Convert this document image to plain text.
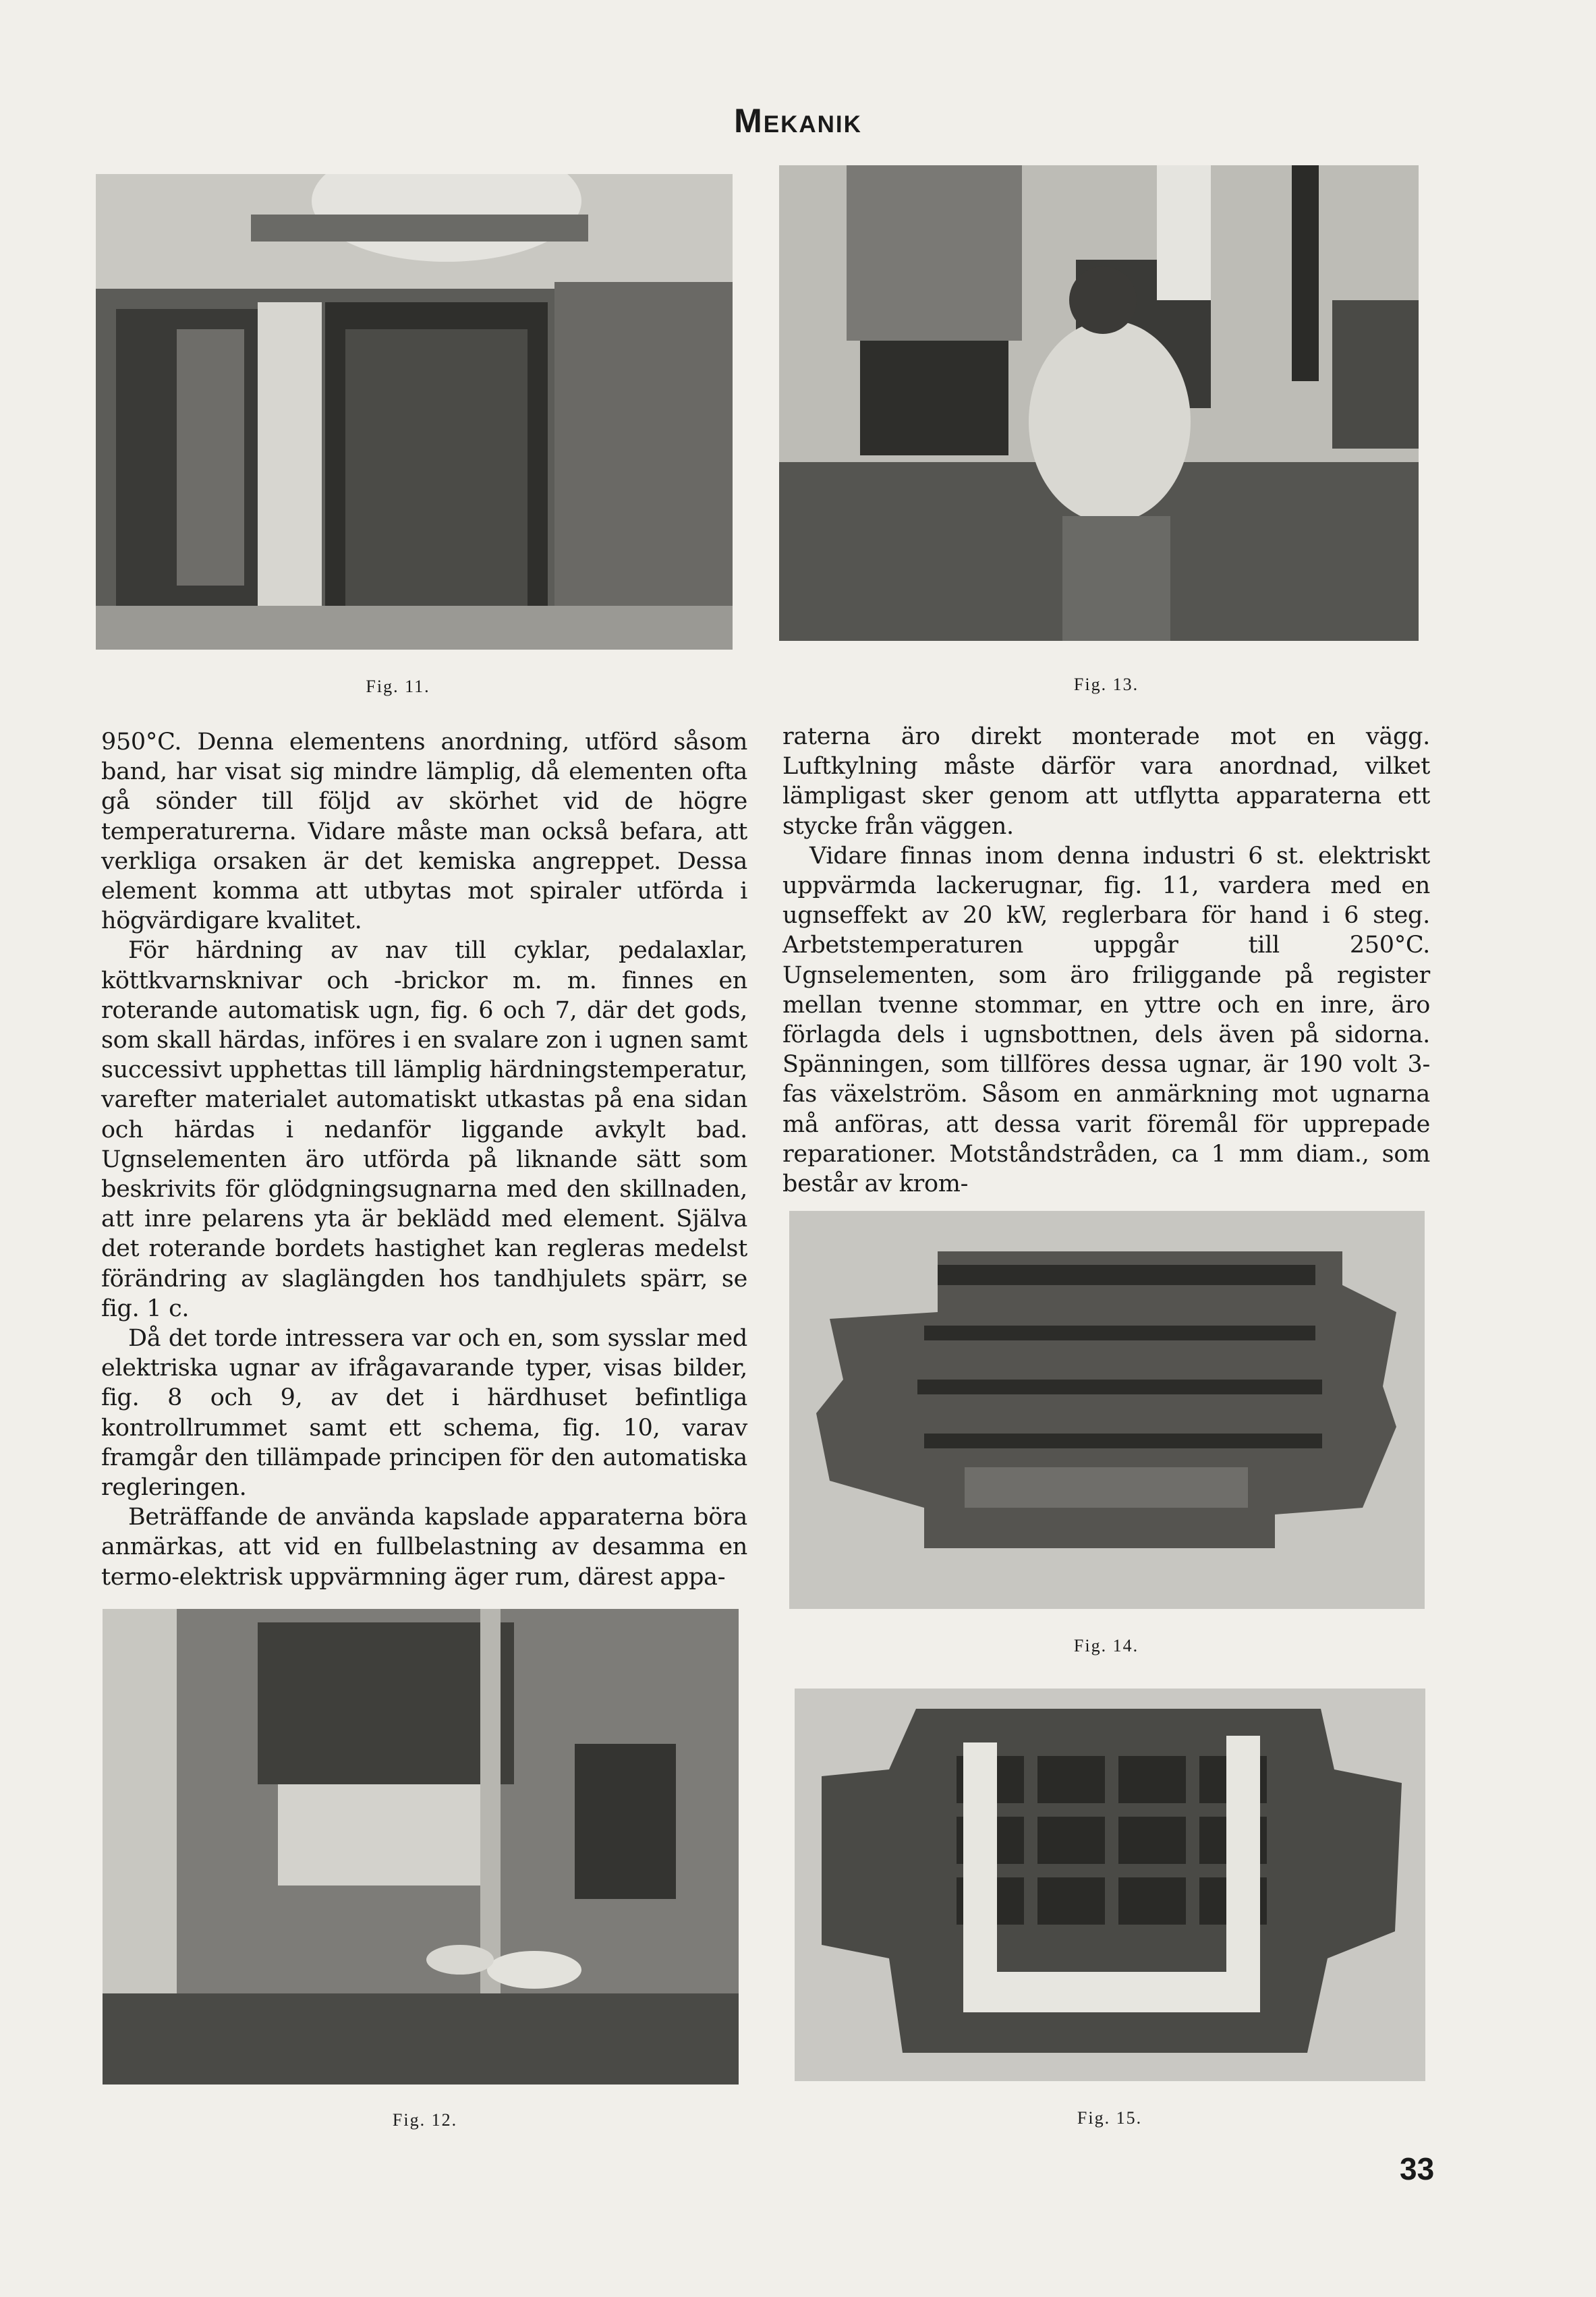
Mekanik
Fig. 11.	Fig. 13.

950°C. Denna elementens anordning, utförd såsom band, har visat sig mindre lämplig, då elementen ofta gå sönder till följd av skörhet vid de högre temperaturerna. Vidare måste man också befara, att verkliga orsaken är det kemiska angreppet. Dessa element komma att utbytas mot spiraler utförda i högvärdigare kvalitet.

För härdning av nav till cyklar, pedalaxlar, köttkvarnsknivar och -brickor m. m. finnes en roterande automatisk ugn, fig. 6 och 7, där det gods, som skall härdas, införes i en svalare zon i ugnen samt successivt upphettas till lämplig härdningstemperatur, varefter materialet automatiskt utkastas på ena sidan och härdas i nedanför liggande avkylt bad. Ugnselementen äro utförda på liknande sätt som beskrivits för glödgningsugnarna med den skillnaden, att inre pelarens yta är beklädd med element. Själva det roterande bordets hastighet kan regleras medelst förändring av slaglängden hos tandhjulets spärr, se fig. 1 c.

Då det torde intressera var och en, som sysslar med elektriska ugnar av ifrågavarande typer, visas bilder, fig. 8 och 9, av det i härdhuset befintliga kontrollrummet samt ett schema, fig. 10, varav framgår den tillämpade principen för den automatiska regleringen.

Beträffande de använda kapslade apparaterna böra anmärkas, att vid en fullbelastning av desamma en termo-elektrisk uppvärmning äger rum, därest appa-

raterna äro direkt monterade mot en vägg. Luftkylning måste därför vara anordnad, vilket lämpligast sker genom att utflytta apparaterna ett stycke från väggen.

Vidare finnas inom denna industri 6 st. elektriskt uppvärmda lackerugnar, fig. 11, vardera med en ugnseffekt av 20 kW, reglerbara för hand i 6 steg. Arbetstemperaturen uppgår till 250°C. Ugnselementen, som äro friliggande på register mellan tvenne stommar, en yttre och en inre, äro förlagda dels i ugnsbottnen, dels även på sidorna. Spänningen, som tillföres dessa ugnar, är 190 volt 3-fas växelström. Såsom en anmärkning mot ugnarna må anföras, att dessa varit föremål för upprepade reparationer. Motståndstråden, ca 1 mm diam., som består av krom-

Fig. 14.
Fig. 12.	Fig. 15.
33
